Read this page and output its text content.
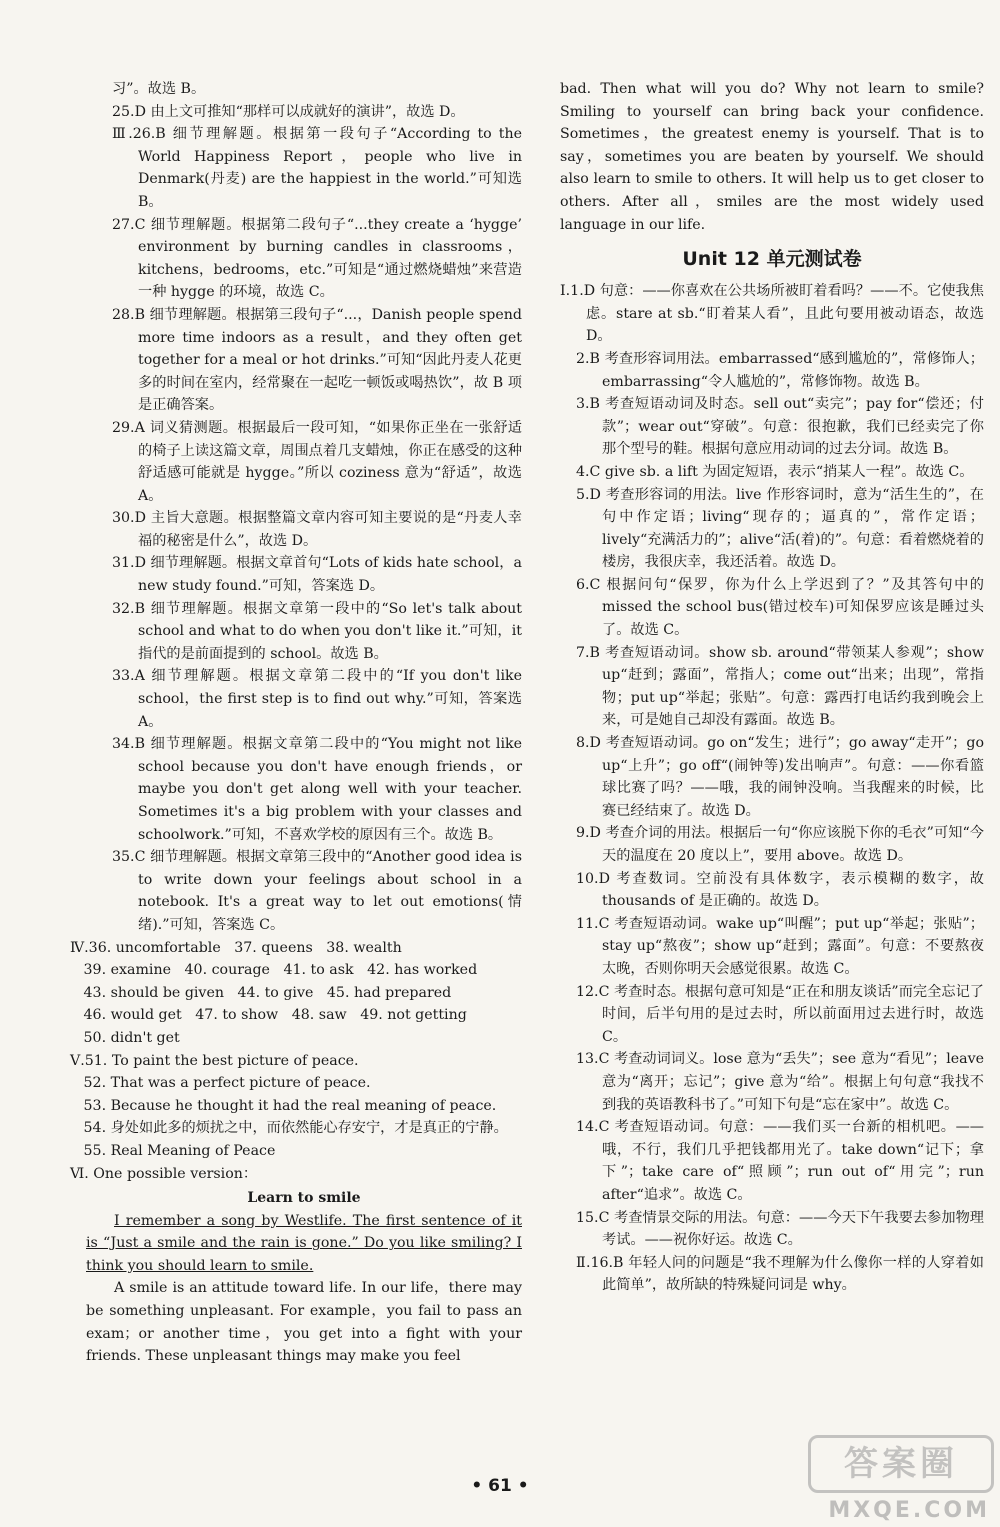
习”。故选 B。

25.D 由上文可推知“那样可以成就好的演讲”，故选 D。

Ⅲ.26.B 细节理解题。根据第一段句子“According to the World Happiness Report，people who live in Denmark(丹麦) are the happiest in the world.”可知选 B。

27.C 细节理解题。根据第二段句子“...they create a ‘hygge’ environment by burning candles in classrooms，kitchens，bedrooms，etc.”可知是“通过燃烧蜡烛”来营造一种 hygge 的环境，故选 C。

28.B 细节理解题。根据第三段句子“...，Danish people spend more time indoors as a result，and they often get together for a meal or hot drinks.”可知“因此丹麦人花更多的时间在室内，经常聚在一起吃一顿饭或喝热饮”，故 B 项是正确答案。

29.A 词义猜测题。根据最后一段可知，“如果你正坐在一张舒适的椅子上读这篇文章，周围点着几支蜡烛，你正在感受的这种舒适感可能就是 hygge。”所以 coziness 意为“舒适”，故选 A。

30.D 主旨大意题。根据整篇文章内容可知主要说的是“丹麦人幸福的秘密是什么”，故选 D。

31.D 细节理解题。根据文章首句“Lots of kids hate school，a new study found.”可知，答案选 D。

32.B 细节理解题。根据文章第一段中的“So let's talk about school and what to do when you don't like it.”可知，it 指代的是前面提到的 school。故选 B。

33.A 细节理解题。根据文章第二段中的“If you don't like school，the first step is to find out why.”可知，答案选 A。

34.B 细节理解题。根据文章第二段中的“You might not like school because you don't have enough friends，or maybe you don't get along well with your teacher. Sometimes it's a big problem with your classes and schoolwork.”可知，不喜欢学校的原因有三个。故选 B。

35.C 细节理解题。根据文章第三段中的“Another good idea is to write down your feelings about school in a notebook. It's a great way to let out emotions(情绪).”可知，答案选 C。

Ⅳ.36. uncomfortable   37. queens   38. wealth

39. examine   40. courage   41. to ask   42. has worked

43. should be given   44. to give   45. had prepared

46. would get   47. to show   48. saw   49. not getting

50. didn't get

Ⅴ.51. To paint the best picture of peace.

52. That was a perfect picture of peace.

53. Because he thought it had the real meaning of peace.

54. 身处如此多的烦扰之中，而依然能心存安宁，才是真正的宁静。

55. Real Meaning of Peace

Ⅵ. One possible version：

Learn to smile

I remember a song by Westlife. The first sentence of it is “Just a smile and the rain is gone.” Do you like smiling? I think you should learn to smile.

A smile is an attitude toward life. In our life，there may be something unpleasant. For example，you fail to pass an exam；or another time，you get into a fight with your friends. These unpleasant things may make you feel

bad. Then what will you do? Why not learn to smile? Smiling to yourself can bring back your confidence. Sometimes，the greatest enemy is yourself. That is to say，sometimes you are beaten by yourself. We should also learn to smile to others. It will help us to get closer to others. After all，smiles are the most widely used language in our life.

Unit 12 单元测试卷

Ⅰ.1.D 句意：——你喜欢在公共场所被盯着看吗？——不。它使我焦虑。stare at sb.“盯着某人看”，且此句要用被动语态，故选 D。

2.B 考查形容词用法。embarrassed“感到尴尬的”，常修饰人；embarrassing“令人尴尬的”，常修饰物。故选 B。

3.B 考查短语动词及时态。sell out“卖完”；pay for“偿还；付款”；wear out“穿破”。句意：很抱歉，我们已经卖完了你那个型号的鞋。根据句意应用动词的过去分词。故选 B。

4.C give sb. a lift 为固定短语，表示“捎某人一程”。故选 C。

5.D 考查形容词的用法。live 作形容词时，意为“活生生的”，在句中作定语；living“现存的；逼真的”，常作定语；lively“充满活力的”；alive“活(着)的”。句意：看着燃烧着的楼房，我很庆幸，我还活着。故选 D。

6.C 根据问句“保罗，你为什么上学迟到了？”及其答句中的 missed the school bus(错过校车)可知保罗应该是睡过头了。故选 C。

7.B 考查短语动词。show sb. around“带领某人参观”；show up“赶到；露面”，常指人；come out“出来；出现”，常指物；put up“举起；张贴”。句意：露西打电话约我到晚会上来，可是她自己却没有露面。故选 B。

8.D 考查短语动词。go on“发生；进行”；go away“走开”；go up“上升”；go off“(闹钟等)发出响声”。句意：——你看篮球比赛了吗？——哦，我的闹钟没响。当我醒来的时候，比赛已经结束了。故选 D。

9.D 考查介词的用法。根据后一句“你应该脱下你的毛衣”可知“今天的温度在 20 度以上”，要用 above。故选 D。

10.D 考查数词。空前没有具体数字，表示模糊的数字，故 thousands of 是正确的。故选 D。

11.C 考查短语动词。wake up“叫醒”；put up“举起；张贴”；stay up“熬夜”；show up“赶到；露面”。句意：不要熬夜太晚，否则你明天会感觉很累。故选 C。

12.C 考查时态。根据句意可知是“正在和朋友谈话”而完全忘记了时间，后半句用的是过去时，所以前面用过去进行时，故选 C。

13.C 考查动词词义。lose 意为“丢失”；see 意为“看见”；leave 意为“离开；忘记”；give 意为“给”。根据上句句意“我找不到我的英语教科书了。”可知下句是“忘在家中”。故选 C。

14.C 考查短语动词。句意：——我们买一台新的相机吧。——哦，不行，我们几乎把钱都用光了。take down“记下；拿下”；take care of“照顾”；run out of“用完”；run after“追求”。故选 C。

15.C 考查情景交际的用法。句意：——今天下午我要去参加物理考试。——祝你好运。故选 C。

Ⅱ.16.B 年轻人问的问题是“我不理解为什么像你一样的人穿着如此简单”，故所缺的特殊疑问词是 why。

• 61 •
答案圈
MXQE.COM
